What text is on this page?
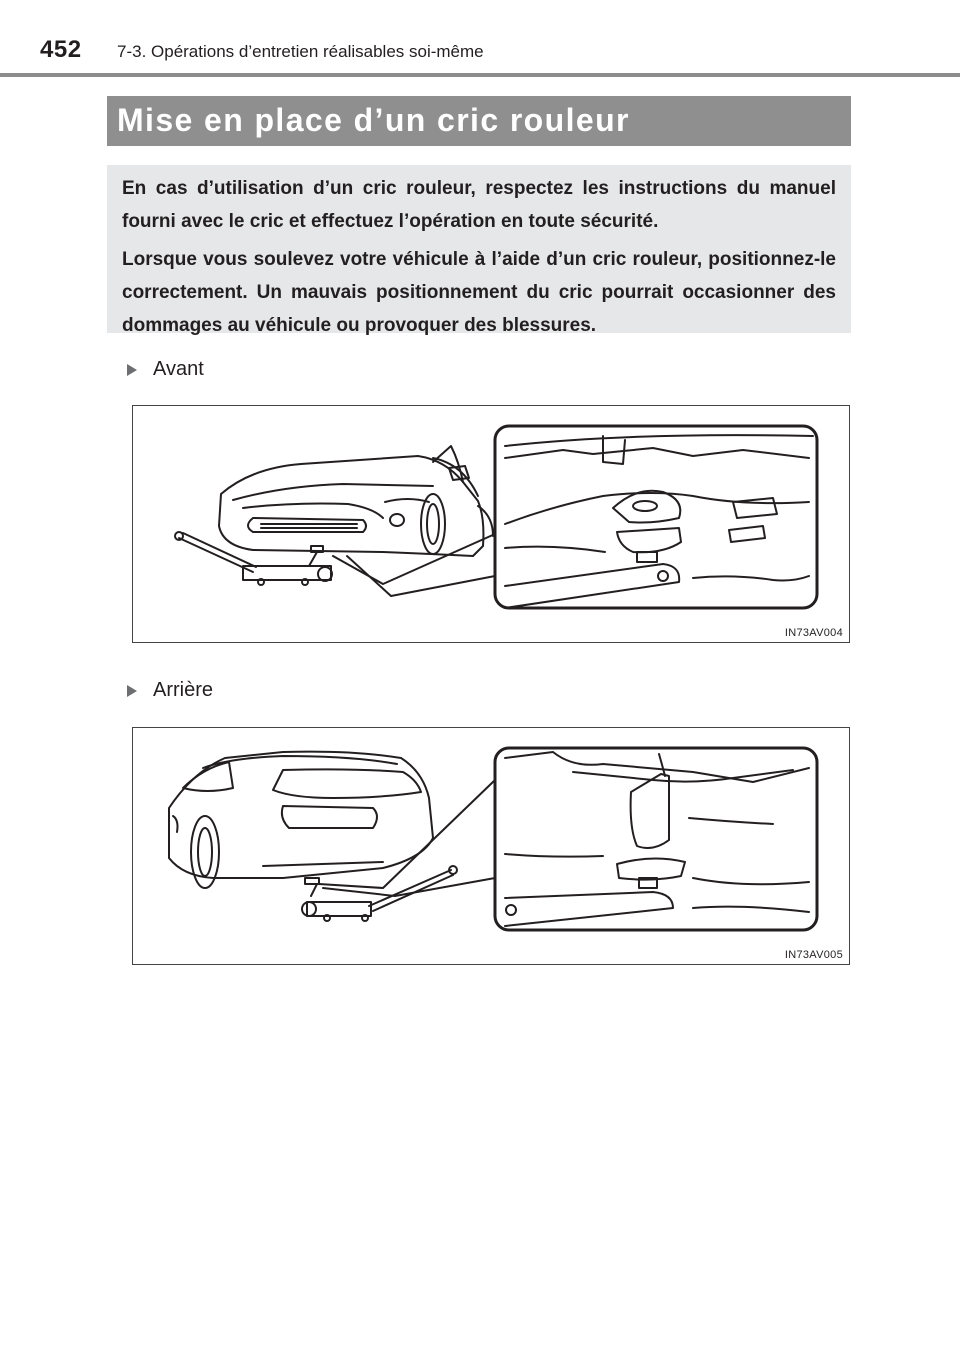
452 7-3. Opérations d’entretien réalisables soi-même
Mise en place d’un cric rouleur

En cas d’utilisation d’un cric rouleur, respectez les instructions du manuel fourni avec le cric et effectuez l’opération en toute sécurité.

Lorsque vous soulevez votre véhicule à l’aide d’un cric rouleur, positionnez-le correctement. Un mauvais positionnement du cric pourrait occasionner des dommages au véhicule ou provoquer des blessures.

Avant
IN73AV004
Arrière
IN73AV005
